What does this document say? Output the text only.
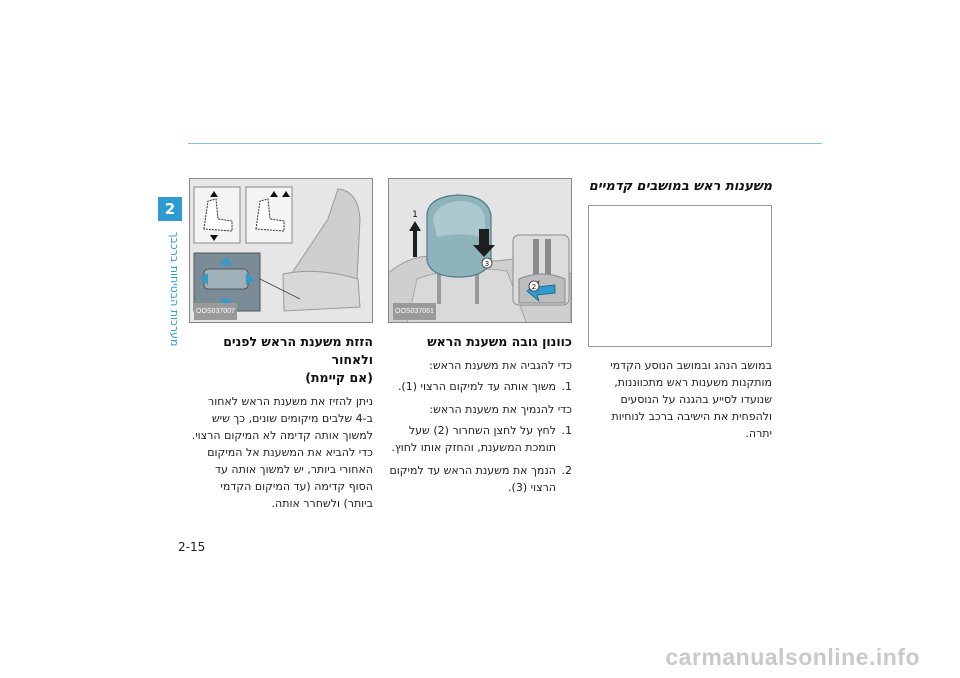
2
מערכות הבטיחות ברכבך
משענות ראש במושבים קדמיים

במושב הנהג ובמושב הנוסע הקדמי מותקנות משענות ראש מתכווננות, שנועדו לסייע בהגנה על הנוסעים ולהפחית את הישיבה ברכב לנוחיות יתרה.

1
3
2
OOS037061
כוונון גובה משענת הראש

כדי להגביה את משענת הראש:

1.
משוך אותה עד למיקום הרצוי (1).

כדי להנמיך את משענת הראש:

1.
לחץ על לחצן השחרור (2) שעל תומכת המשענת, והחזק אותו לחוץ.
2.
הנמך את משענת הראש עד למיקום הרצוי (3).
OOS037007
הזזת משענת הראש לפנים ולאחור
(אם קיימת)

ניתן להזיז את משענת הראש לאחור ב-4 שלבים מיקומים שונים, כך שיש למשוך אותה קדימה לא המיקום הרצוי. כדי להביא את המשענת אל המיקום האחורי ביותר, יש למשוך אותה עד הסוף קדימה (עד המיקום הקדמי ביותר) ולשחרר אותה.

2-15
carmanualsonline.info
